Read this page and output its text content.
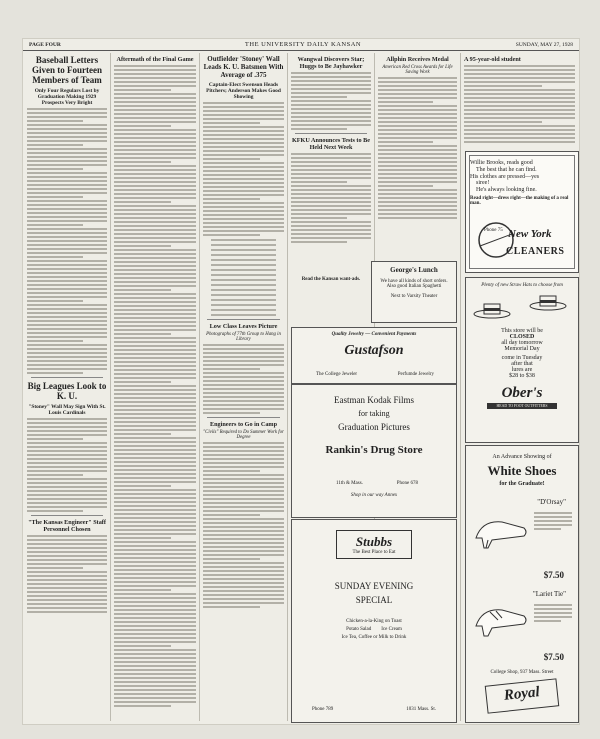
PAGE FOUR	THE UNIVERSITY DAILY KANSAN	SUNDAY, MAY 27, 1928
Baseball Letters Given to Fourteen Members of Team
Only Four Regulars Lost by Graduation Making 1929 Prospects Very Bright
Big Leagues Look to K. U.
"Stoney" Wall May Sign With St. Louis Cardinals
"The Kansas Engineer" Staff Personnel Chosen
Aftermath of the Final Game	Outfielder 'Stoney' Wall Leads K. U. Batsmen With Average of .375
Captain-Elect Swenson Heads Pitchers; Anderson Makes Good Showing
Low Class Leaves Picture
Photographs of 77th Group to Hang in Library
Engineers to Go in Camp
"Civils" Required to Do Summer Work for Degree
Wangwal Discovers Star; Huggs to Be Jayhawker
KFKU Announces Tests to Be Held Next Week
Allphin Receives Medal
American Red Cross Awards for Life Saving Work
A 95-year-old student
Read the Kansan want-ads.
George's Lunch
We have all kinds of short orders. Also good Italian Spaghetti
Next to Varsity Theater
Quality Jewelry — Convenient Payments
Gustafson
The College Jeweler	Perfumde Jewelry
Eastman Kodak Films
for taking
Graduation Pictures
Rankin's Drug Store
11th & Mass.	Phone 678
Shop in our way Annex
Stubbs
The Best Place to Eat
SUNDAY EVENING
SPECIAL
Chicken-a-la-King on Toast
Potato Salad        Ice Cream
Ice Tea, Coffee or Milk to Drink
Phone 789	1031 Mass. St.
Willie Brooks, reads good
The best that he can find.
His clothes are pressed—yes
siree!
He's always looking fine.
Read right—dress right—the making of a real man.
Phone 75 New York
CLEANERS
Plenty of new Straw Hats to choose from
This store will be
CLOSED
all day tomorrow
Memorial Day
come in Tuesday
after that
lures are
$28 to $38
Ober's
HEAD TO FOOT OUTFITTERS
An Advance Showing of
White Shoes
for the Graduate!
"D'Orsay"
$7.50
"Lariet Tie"
$7.50
College Shop, 937 Mass. Street
Royal
